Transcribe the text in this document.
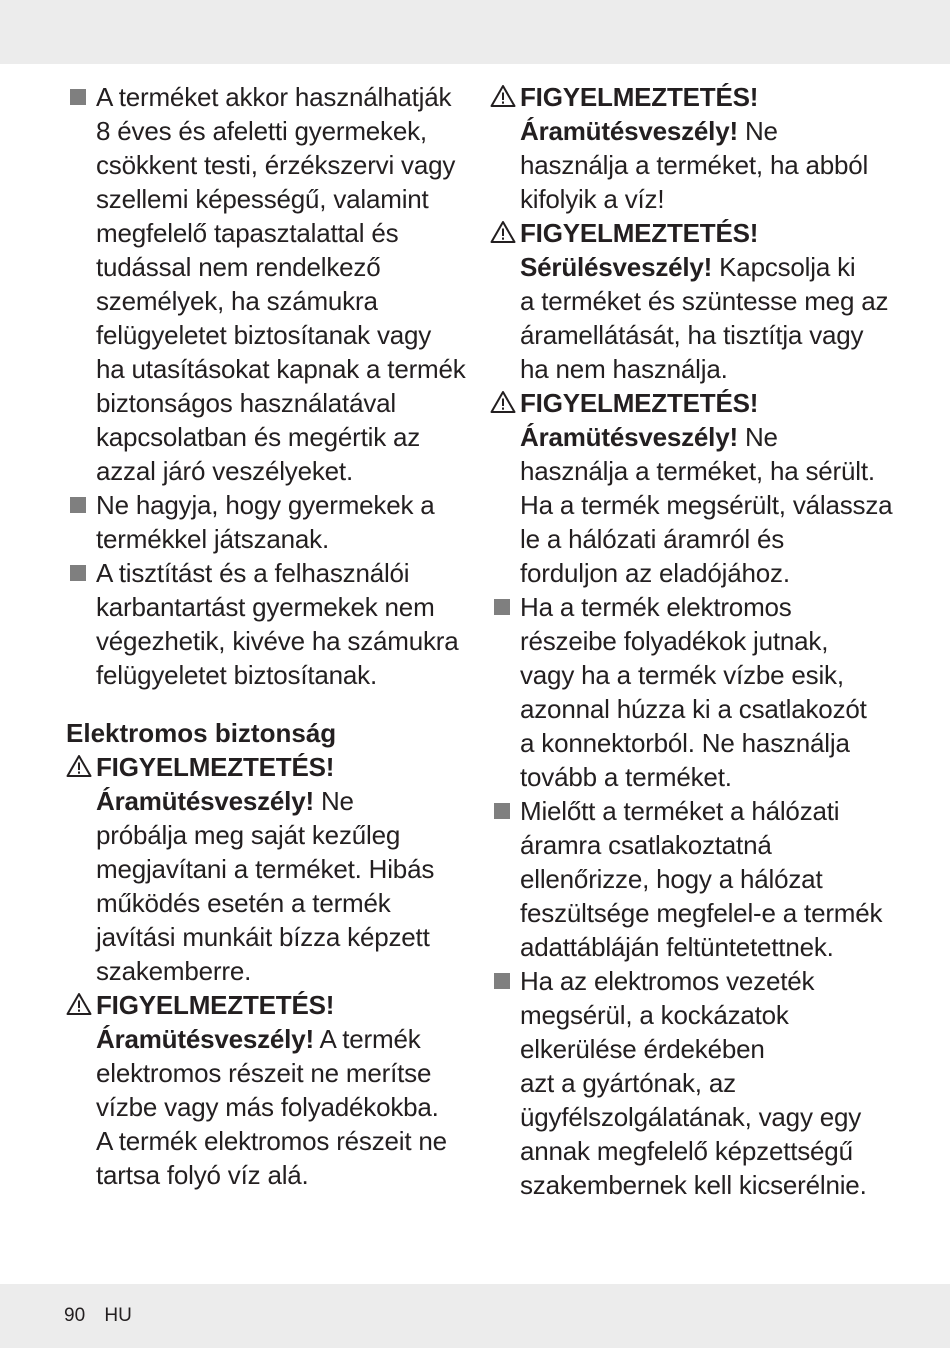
A terméket akkor használhatják
8 éves és afeletti gyermekek,
csökkent testi, érzékszervi vagy
szellemi képességű, valamint
megfelelő tapasztalattal és
tudással nem rendelkező
személyek, ha számukra
felügyeletet biztosítanak vagy
ha utasításokat kapnak a termék
biztonságos használatával
kapcsolatban és megértik az
azzal járó veszélyeket.
Ne hagyja, hogy gyermekek a
termékkel játszanak.
A tisztítást és a felhasználói
karbantartást gyermekek nem
végezhetik, kivéve ha számukra
felügyeletet biztosítanak.
Elektromos biztonság
FIGYELMEZTETÉS!
Áramütésveszély! Ne
próbálja meg saját kezűleg
megjavítani a terméket. Hibás
működés esetén a termék
javítási munkáit bízza képzett
szakemberre.
FIGYELMEZTETÉS!
Áramütésveszély! A termék
elektromos részeit ne merítse
vízbe vagy más folyadékokba.
A termék elektromos részeit ne
tartsa folyó víz alá.
FIGYELMEZTETÉS!
Áramütésveszély! Ne
használja a terméket, ha abból
kifolyik a víz!
FIGYELMEZTETÉS!
Sérülésveszély! Kapcsolja ki
a terméket és szüntesse meg az
áramellátását, ha tisztítja vagy
ha nem használja.
FIGYELMEZTETÉS!
Áramütésveszély! Ne
használja a terméket, ha sérült.
Ha a termék megsérült, válassza
le a hálózati áramról és
forduljon az eladójához.
Ha a termék elektromos
részeibe folyadékok jutnak,
vagy ha a termék vízbe esik,
azonnal húzza ki a csatlakozót
a konnektorból. Ne használja
tovább a terméket.
Mielőtt a terméket a hálózati
áramra csatlakoztatná
ellenőrizze, hogy a hálózat
feszültsége megfelel-e a termék
adattábláján feltüntetettnek.
Ha az elektromos vezeték
megsérül, a kockázatok
elkerülése érdekében
azt a gyártónak, az
ügyfélszolgálatának, vagy egy
annak megfelelő képzettségű
szakembernek kell kicserélnie.
90 HU
